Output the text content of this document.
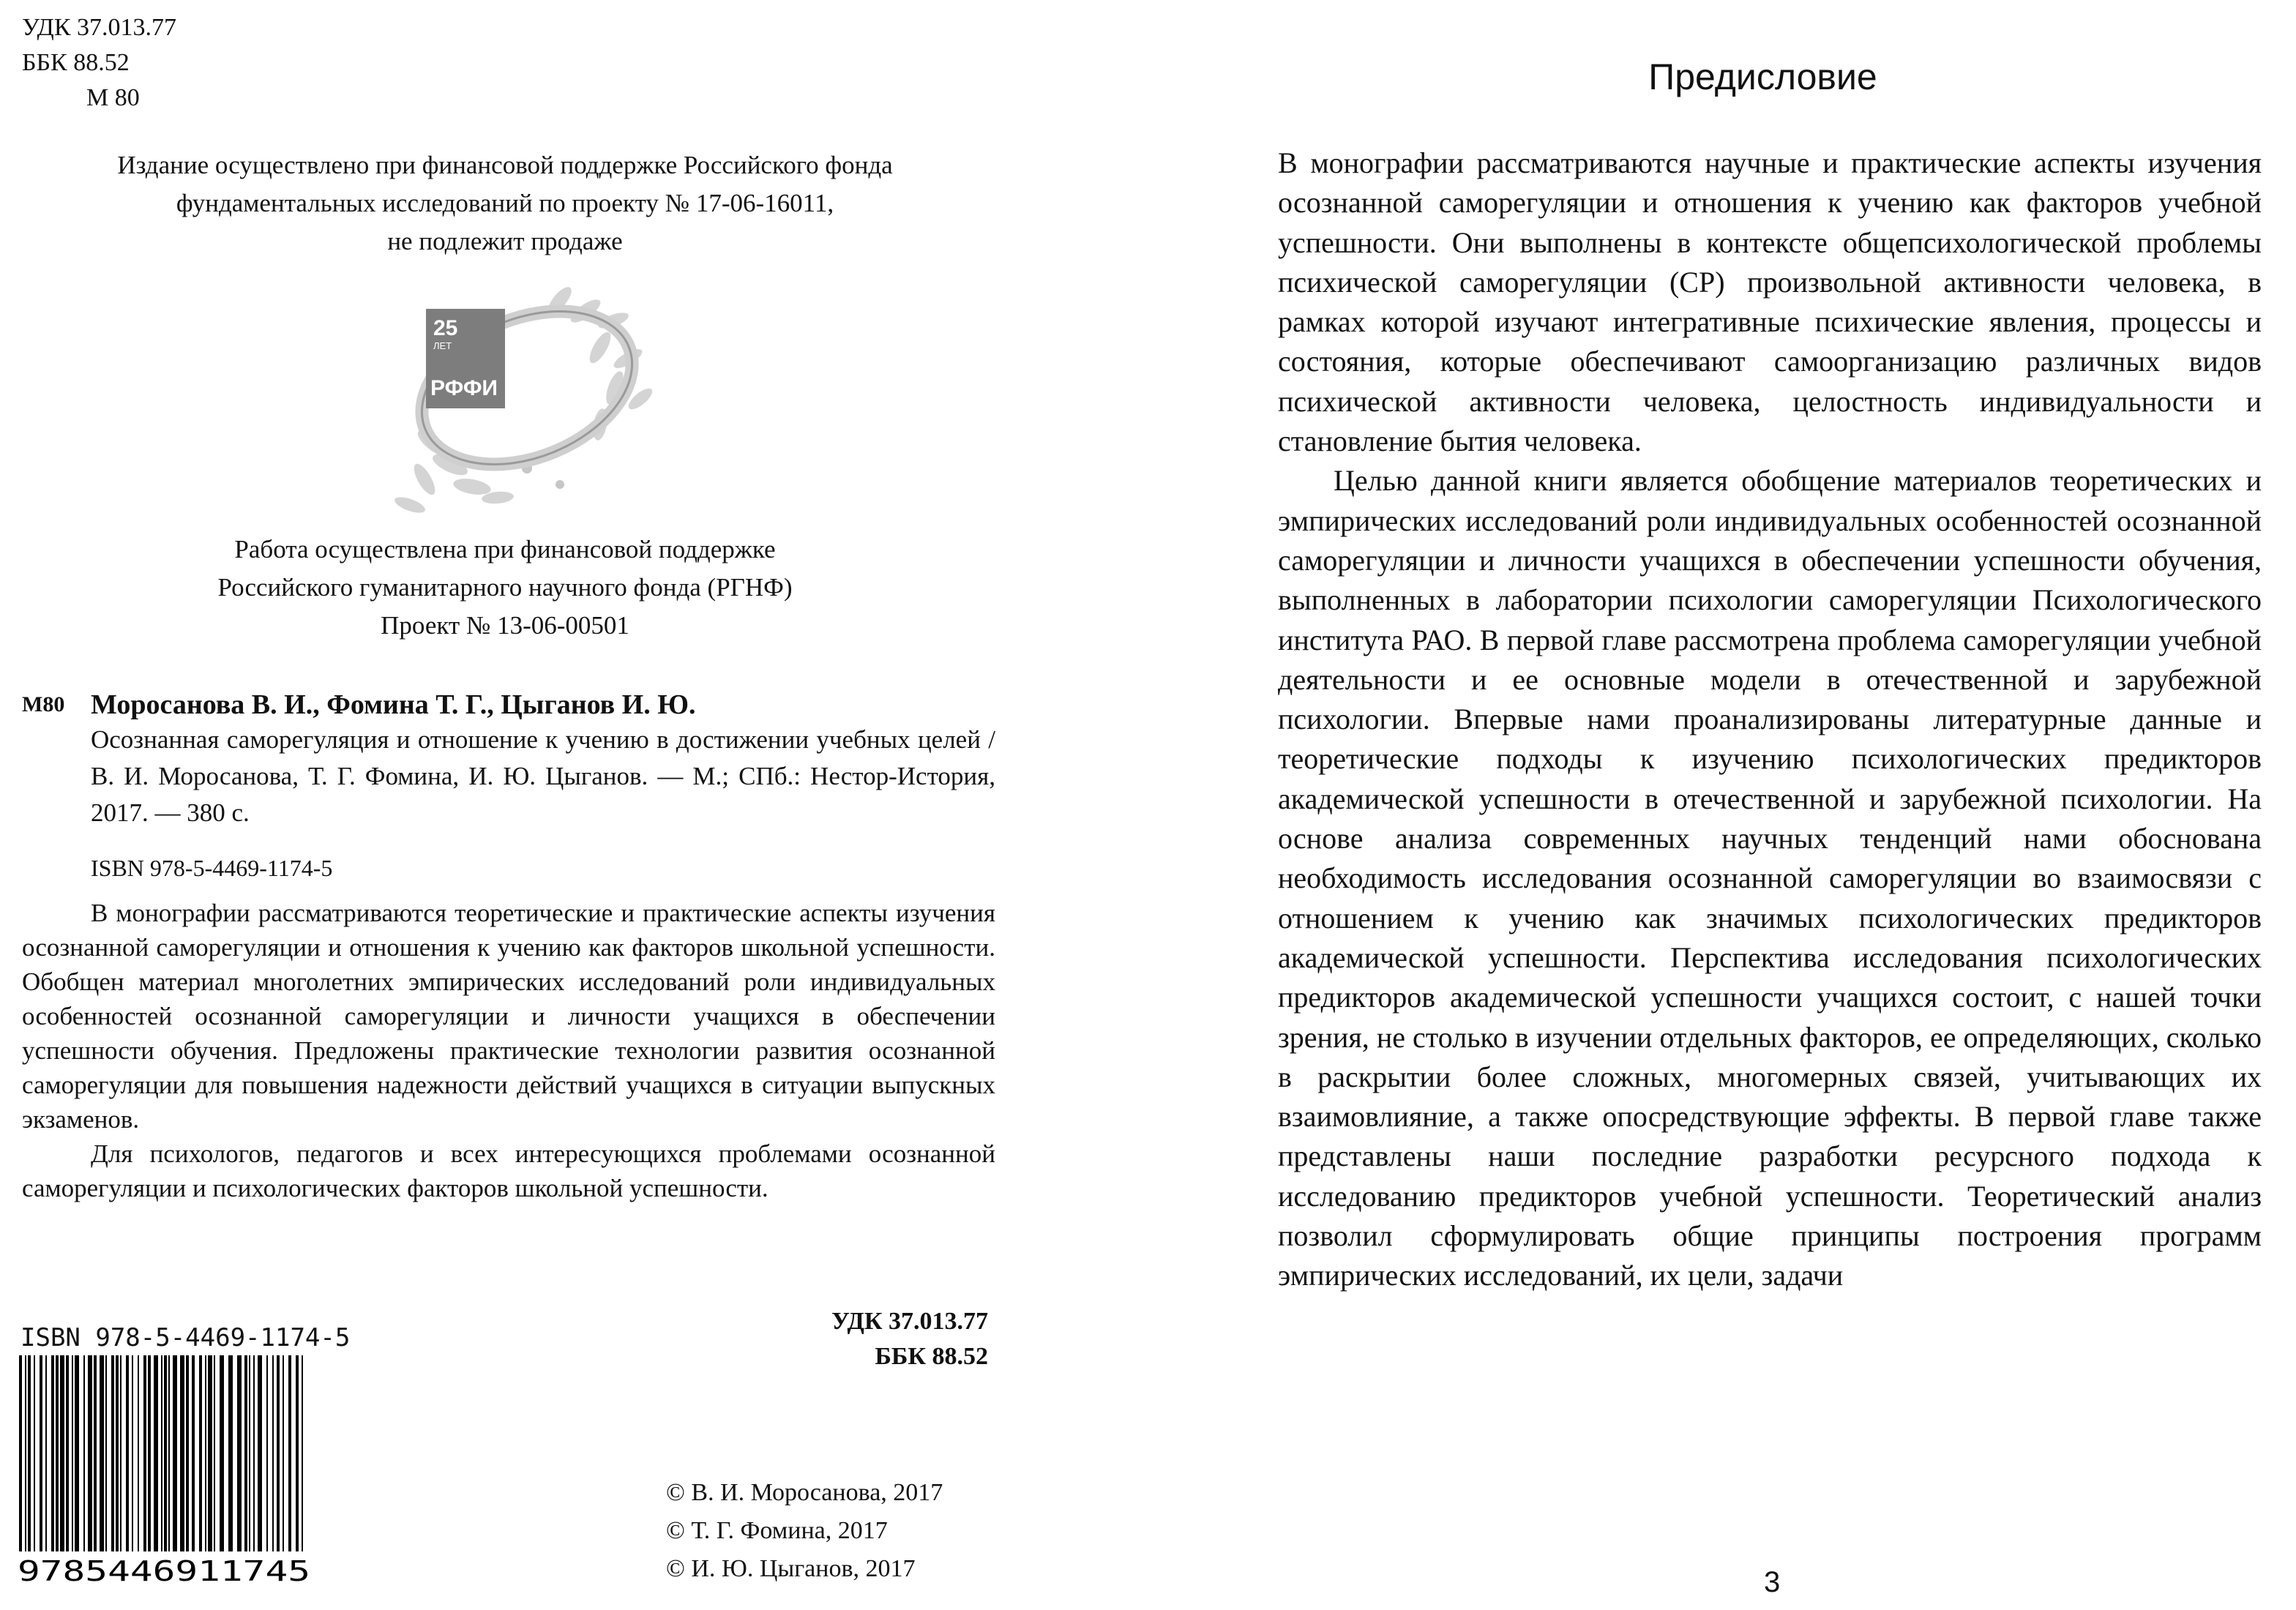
УДК 37.013.77
ББК 88.52
М 80
Издание осуществлено при финансовой поддержке Российского фонда
фундаментальных исследований по проекту № 17-06-16011,
не подлежит продаже
25
ЛЕТ
РФФИ
Работа осуществлена при финансовой поддержке
Российского гуманитарного научного фонда (РГНФ)
Проект № 13-06-00501
М80 Моросанова В. И., Фомина Т. Г., Цыганов И. Ю.
Осознанная саморегуляция и отношение к учению в достижении учебных целей / В. И. Моросанова, Т. Г. Фомина, И. Ю. Цыганов. — М.; СПб.: Нестор-История, 2017. — 380 с.
ISBN 978-5-4469-1174-5

В монографии рассматриваются теоретические и практические аспекты изучения осознанной саморегуляции и отношения к учению как факторов школьной успешности. Обобщен материал многолетних эмпирических исследований роли индивидуальных особенностей осознанной саморегуляции и личности учащихся в обеспечении успешности обучения. Предложены практические технологии развития осознанной саморегуляции для повышения надежности действий учащихся в ситуации выпускных экзаменов.

Для психологов, педагогов и всех интересующихся проблемами осознанной саморегуляции и психологических факторов школьной успешности.

ISBN 978-5-4469-1174-5
9785446911745
УДК 37.013.77
ББК 88.52
© В. И. Моросанова, 2017
© Т. Г. Фомина, 2017
© И. Ю. Цыганов, 2017
Предисловие

В монографии рассматриваются научные и практические аспекты изучения осознанной саморегуляции и отношения к учению как факторов учебной успешности. Они выполнены в контексте общепсихологической проблемы психической саморегуляции (СР) произвольной активности человека, в рамках которой изучают интегративные психические явления, процессы и состояния, которые обеспечивают самоорганизацию различных видов психической активности человека, целостность индивидуальности и становление бытия человека.

Целью данной книги является обобщение материалов теоретических и эмпирических исследований роли индивидуальных особенностей осознанной саморегуляции и личности учащихся в обеспечении успешности обучения, выполненных в лаборатории психологии саморегуляции Психологического института РАО. В первой главе рассмотрена проблема саморегуляции учебной деятельности и ее основные модели в отечественной и зарубежной психологии. Впервые нами проанализированы литературные данные и теоретические подходы к изучению психологических предикторов академической успешности в отечественной и зарубежной психологии. На основе анализа современных научных тенденций нами обоснована необходимость исследования осознанной саморегуляции во взаимосвязи с отношением к учению как значимых психологических предикторов академической успешности. Перспектива исследования психологических предикторов академической успешности учащихся состоит, с нашей точки зрения, не столько в изучении отдельных факторов, ее определяющих, сколько в раскрытии более сложных, многомерных связей, учитывающих их взаимовлияние, а также опосредствующие эффекты. В первой главе также представлены наши последние разработки ресурсного подхода к исследованию предикторов учебной успешности. Теоретический анализ позволил сформулировать общие принципы построения программ эмпирических исследований, их цели, задачи

3
